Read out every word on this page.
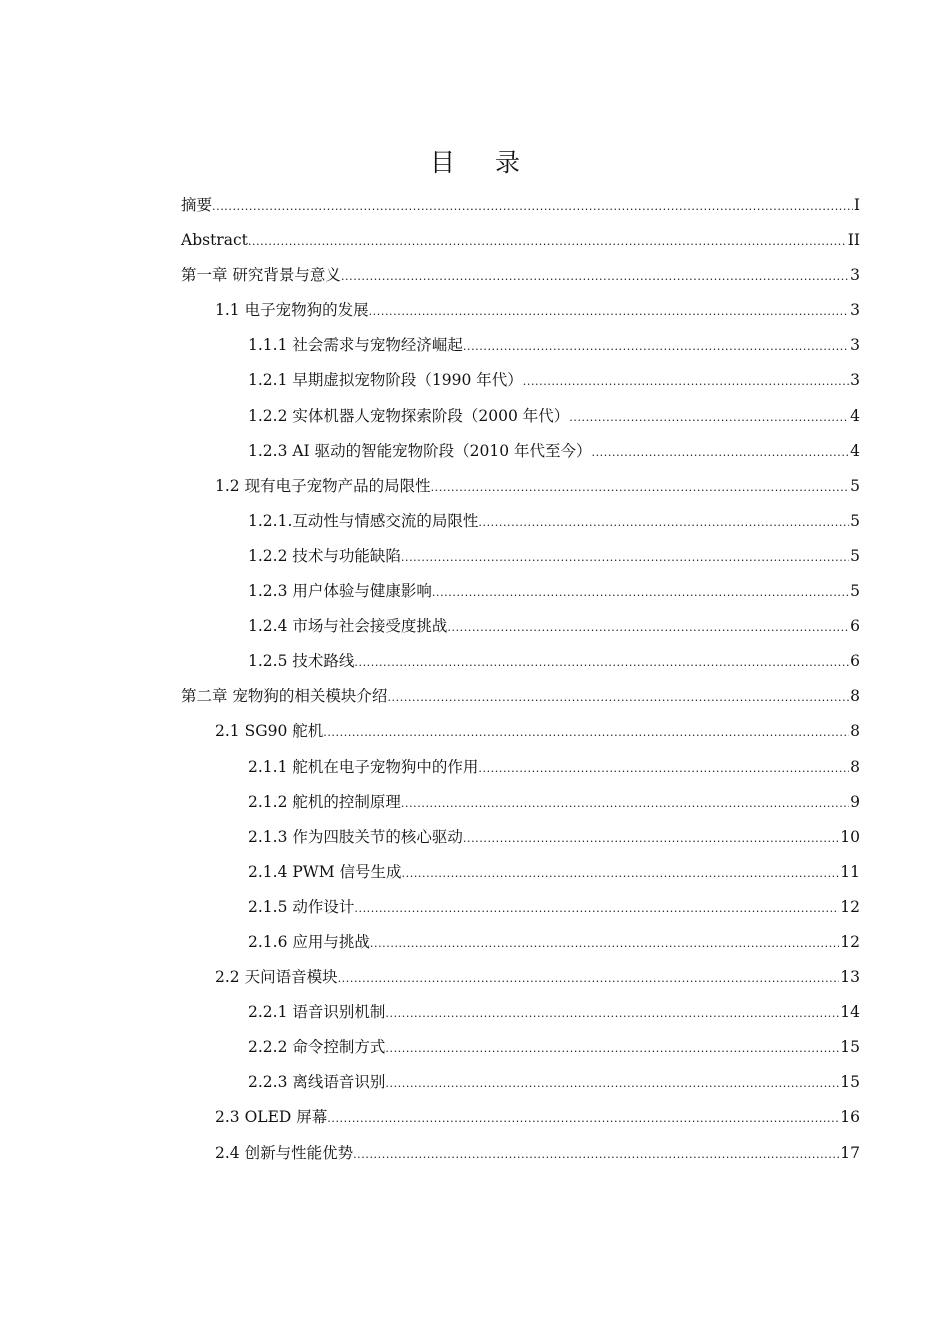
目录
摘要 .....	I
Abstract .....	II
第一章 研究背景与意义 .....	3
1.1 电子宠物狗的发展 .....	3
1.1.1 社会需求与宠物经济崛起 .....	3
1.2.1 早期虚拟宠物阶段（1990 年代） .....	3
1.2.2 实体机器人宠物探索阶段（2000 年代） .....	4
1.2.3 AI 驱动的智能宠物阶段（2010 年代至今） .....	4
1.2 现有电子宠物产品的局限性 .....	5
1.2.1.互动性与情感交流的局限性 .....	5
1.2.2 技术与功能缺陷 .....	5
1.2.3 用户体验与健康影响 .....	5
1.2.4 市场与社会接受度挑战 .....	6
1.2.5 技术路线 .....	6
第二章 宠物狗的相关模块介绍 .....	8
2.1 SG90 舵机 .....	8
2.1.1 舵机在电子宠物狗中的作用 .....	8
2.1.2 舵机的控制原理 .....	9
2.1.3 作为四肢关节的核心驱动 .....	10
2.1.4 PWM 信号生成 .....	11
2.1.5 动作设计 .....	12
2.1.6 应用与挑战 .....	12
2.2 天问语音模块 .....	13
2.2.1 语音识别机制 .....	14
2.2.2 命令控制方式 .....	15
2.2.3 离线语音识别 .....	15
2.3 OLED 屏幕 .....	16
2.4 创新与性能优势 .....	17
